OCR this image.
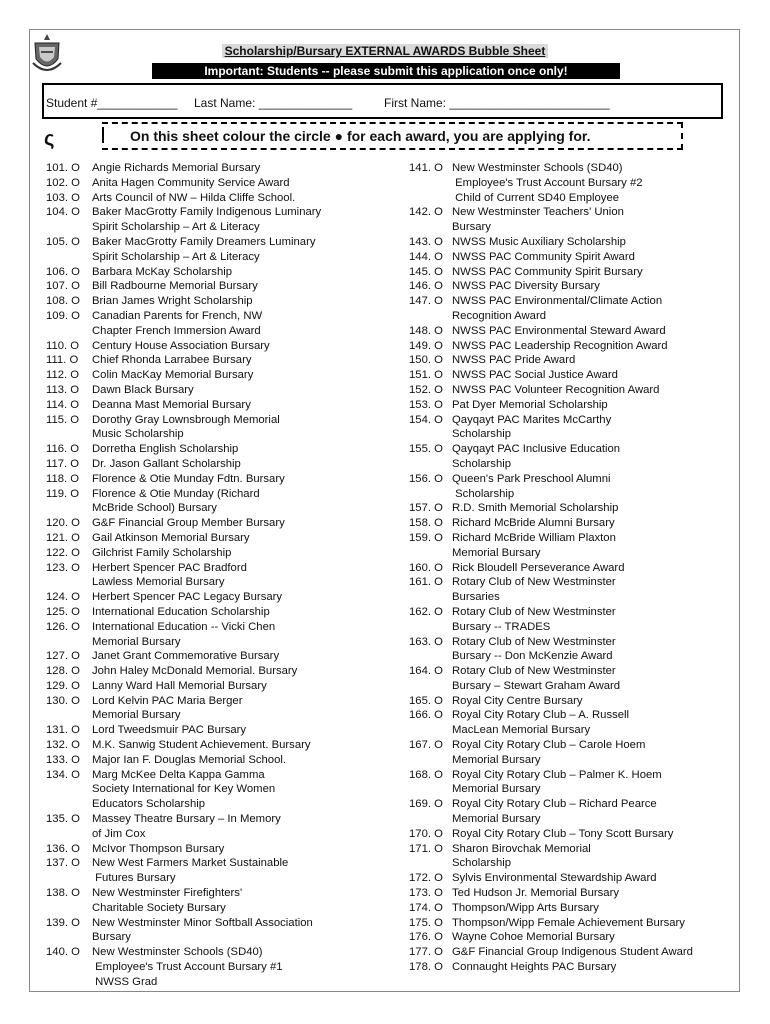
Scholarship/Bursary EXTERNAL AWARDS Bubble Sheet
Important: Students -- please submit this application once only!
Student #____________ Last Name: ______________	First Name: ________________________
ς	On this sheet colour the circle ● for each award, you are applying for.
101. O	Angie Richards Memorial Bursary
102. O	Anita Hagen Community Service Award
103. O	Arts Council of NW – Hilda Cliffe School.
104. O	Baker MacGrotty Family Indigenous Luminary
Spirit Scholarship – Art & Literacy
105. O	Baker MacGrotty Family Dreamers Luminary
Spirit Scholarship – Art & Literacy
106. O	Barbara McKay Scholarship
107. O	Bill Radbourne Memorial Bursary
108. O	Brian James Wright Scholarship
109. O	Canadian Parents for French, NW
Chapter French Immersion Award
110. O	Century House Association Bursary
111. O	Chief Rhonda Larrabee Bursary
112. O	Colin MacKay Memorial Bursary
113. O	Dawn Black Bursary
114. O	Deanna Mast Memorial Bursary
115. O	Dorothy Gray Lownsbrough Memorial
Music Scholarship
116. O	Dorretha English Scholarship
117. O	Dr. Jason Gallant Scholarship
118. O	Florence & Otie Munday Fdtn. Bursary
119. O	Florence & Otie Munday (Richard
McBride School) Bursary
120. O	G&F Financial Group Member Bursary
121. O	Gail Atkinson Memorial Bursary
122. O	Gilchrist Family Scholarship
123. O	Herbert Spencer PAC Bradford
Lawless Memorial Bursary
124. O	Herbert Spencer PAC Legacy Bursary
125. O	International Education Scholarship
126. O	International Education -- Vicki Chen
Memorial Bursary
127. O	Janet Grant Commemorative Bursary
128. O	John Haley McDonald Memorial. Bursary
129. O	Lanny Ward Hall Memorial Bursary
130. O	Lord Kelvin PAC Maria Berger
Memorial Bursary
131. O	Lord Tweedsmuir PAC Bursary
132. O	M.K. Sanwig Student Achievement. Bursary
133. O	Major Ian F. Douglas Memorial School.
134. O	Marg McKee Delta Kappa Gamma
Society International for Key Women
Educators Scholarship
135. O	Massey Theatre Bursary – In Memory
of Jim Cox
136. O	McIvor Thompson Bursary
137. O	New West Farmers Market Sustainable
Futures Bursary
138. O	New Westminster Firefighters'
Charitable Society Bursary
139. O	New Westminster Minor Softball Association
Bursary
140. O	New Westminster Schools (SD40)
Employee's Trust Account Bursary #1
NWSS Grad
141. O New Westminster Schools (SD40)
Employee's Trust Account Bursary #2
Child of Current SD40 Employee
142. O New Westminster Teachers' Union
Bursary
143. O NWSS Music Auxiliary Scholarship
144. O NWSS PAC Community Spirit Award
145. O NWSS PAC Community Spirit Bursary
146. O NWSS PAC Diversity Bursary
147. O NWSS PAC Environmental/Climate Action
Recognition Award
148. O NWSS PAC Environmental Steward Award
149. O NWSS PAC Leadership Recognition Award
150. O NWSS PAC Pride Award
151. O NWSS PAC Social Justice Award
152. O NWSS PAC Volunteer Recognition Award
153. O Pat Dyer Memorial Scholarship
154. O Qayqayt PAC Marites McCarthy
Scholarship
155. O Qayqayt PAC Inclusive Education
Scholarship
156. O Queen's Park Preschool Alumni
Scholarship
157. O R.D. Smith Memorial Scholarship
158. O Richard McBride Alumni Bursary
159. O Richard McBride William Plaxton
Memorial Bursary
160. O Rick Bloudell Perseverance Award
161. O Rotary Club of New Westminster
Bursaries
162. O Rotary Club of New Westminster
Bursary -- TRADES
163. O Rotary Club of New Westminster
Bursary -- Don McKenzie Award
164. O Rotary Club of New Westminster
Bursary – Stewart Graham Award
165. O Royal City Centre Bursary
166. O Royal City Rotary Club – A. Russell
MacLean Memorial Bursary
167. O Royal City Rotary Club – Carole Hoem
Memorial Bursary
168. O Royal City Rotary Club – Palmer K. Hoem
Memorial Bursary
169. O Royal City Rotary Club – Richard Pearce
Memorial Bursary
170. O Royal City Rotary Club – Tony Scott Bursary
171. O Sharon Birovchak Memorial
Scholarship
172. O Sylvis Environmental Stewardship Award
173. O Ted Hudson Jr. Memorial Bursary
174. O Thompson/Wipp Arts Bursary
175. O Thompson/Wipp Female Achievement Bursary
176. O Wayne Cohoe Memorial Bursary
177. O G&F Financial Group Indigenous Student Award
178. O Connaught Heights PAC Bursary
